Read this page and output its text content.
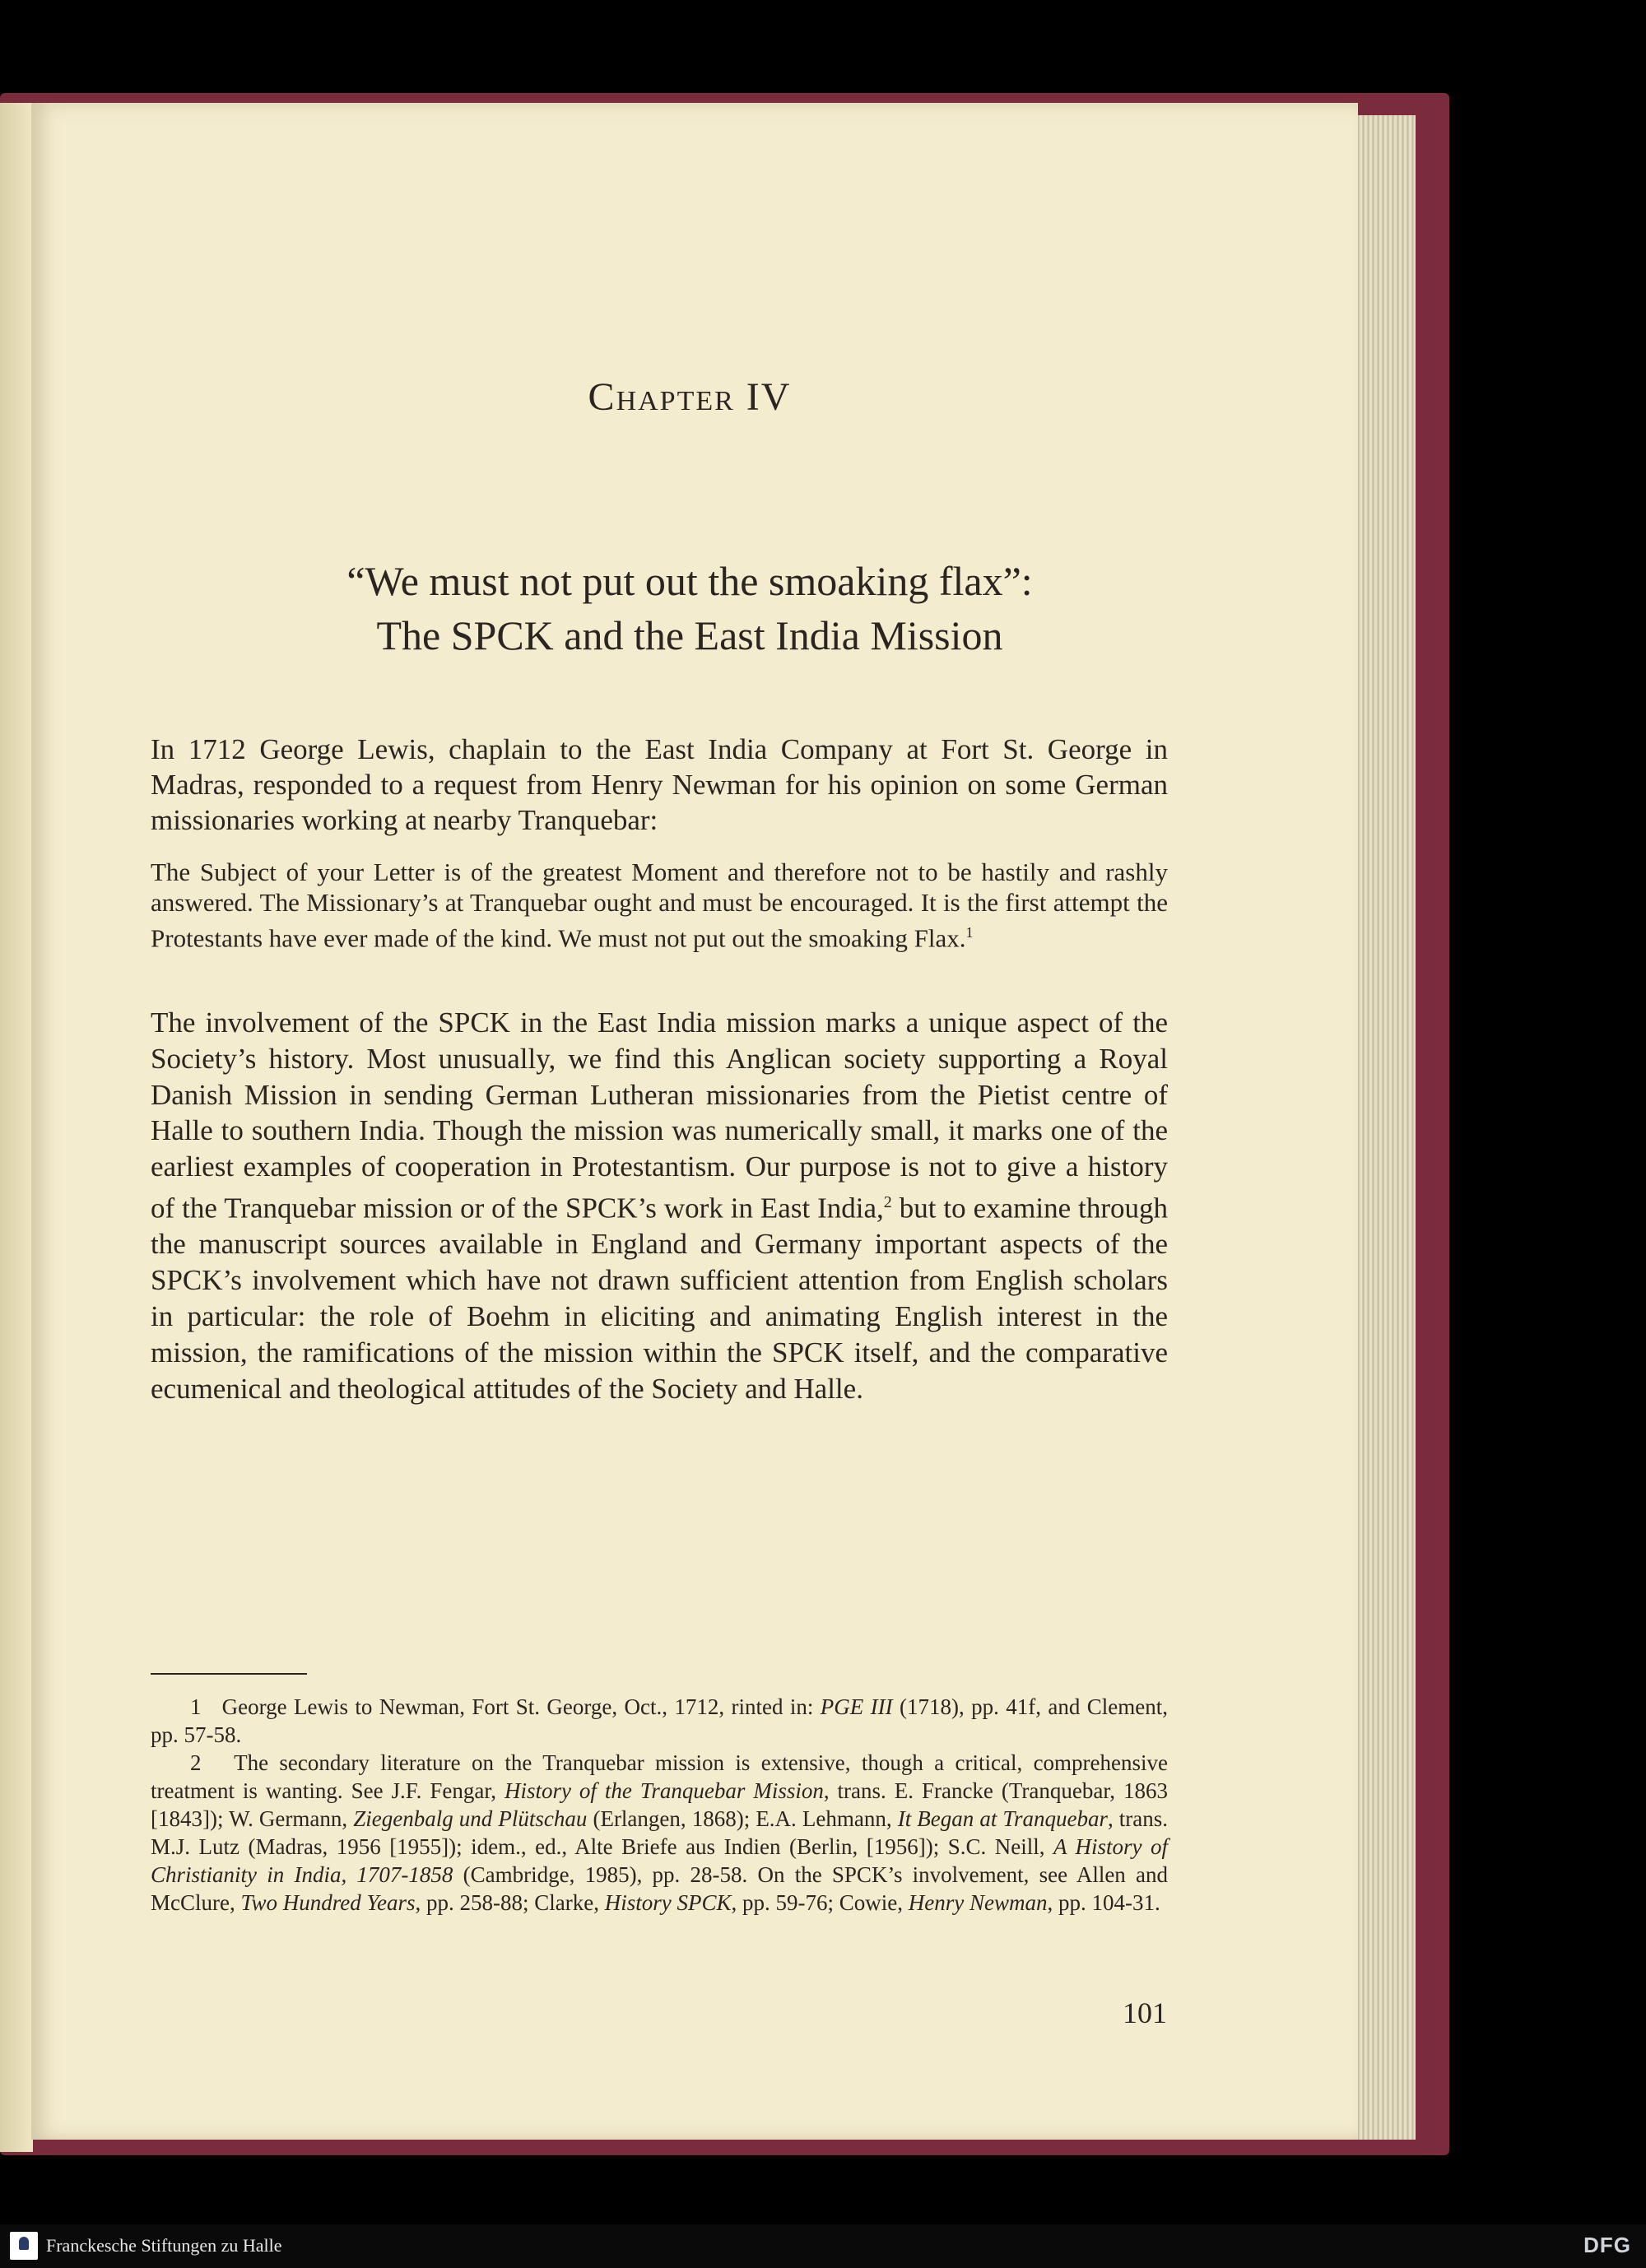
Chapter IV
“We must not put out the smoaking flax”:
The SPCK and the East India Mission
In 1712 George Lewis, chaplain to the East India Company at Fort St. George in Madras, responded to a request from Henry Newman for his opinion on some German missionaries working at nearby Tranquebar:
The Subject of your Letter is of the greatest Moment and therefore not to be hastily and rashly answered. The Missionary’s at Tranquebar ought and must be encouraged. It is the first attempt the Protestants have ever made of the kind. We must not put out the smoaking Flax.$^1$
The involvement of the SPCK in the East India mission marks a unique aspect of the Society’s history. Most unusually, we find this Anglican society supporting a Royal Danish Mission in sending German Lutheran missionaries from the Pietist centre of Halle to southern India. Though the mission was numerically small, it marks one of the earliest examples of cooperation in Protestantism. Our purpose is not to give a history of the Tranquebar mission or of the SPCK’s work in East India,$^2$ but to examine through the manuscript sources available in England and Germany important aspects of the SPCK’s involvement which have not drawn sufficient attention from English scholars in particular: the role of Boehm in eliciting and animating English interest in the mission, the ramifications of the mission within the SPCK itself, and the comparative ecumenical and theological attitudes of the Society and Halle.

1 George Lewis to Newman, Fort St. George, Oct., 1712, rinted in: PGE III (1718), pp. 41f, and Clement, pp. 57-58.

2 The secondary literature on the Tranquebar mission is extensive, though a critical, comprehensive treatment is wanting. See J.F. Fengar, History of the Tranquebar Mission, trans. E. Francke (Tranquebar, 1863 [1843]); W. Germann, Ziegenbalg und Plütschau (Erlangen, 1868); E.A. Lehmann, It Began at Tranquebar, trans. M.J. Lutz (Madras, 1956 [1955]); idem., ed., Alte Briefe aus Indien (Berlin, [1956]); S.C. Neill, A History of Christianity in India, 1707-1858 (Cambridge, 1985), pp. 28-58. On the SPCK’s involvement, see Allen and McClure, Two Hundred Years, pp. 258-88; Clarke, History SPCK, pp. 59-76; Cowie, Henry Newman, pp. 104-31.

101
Franckesche Stiftungen zu Halle	DFG
